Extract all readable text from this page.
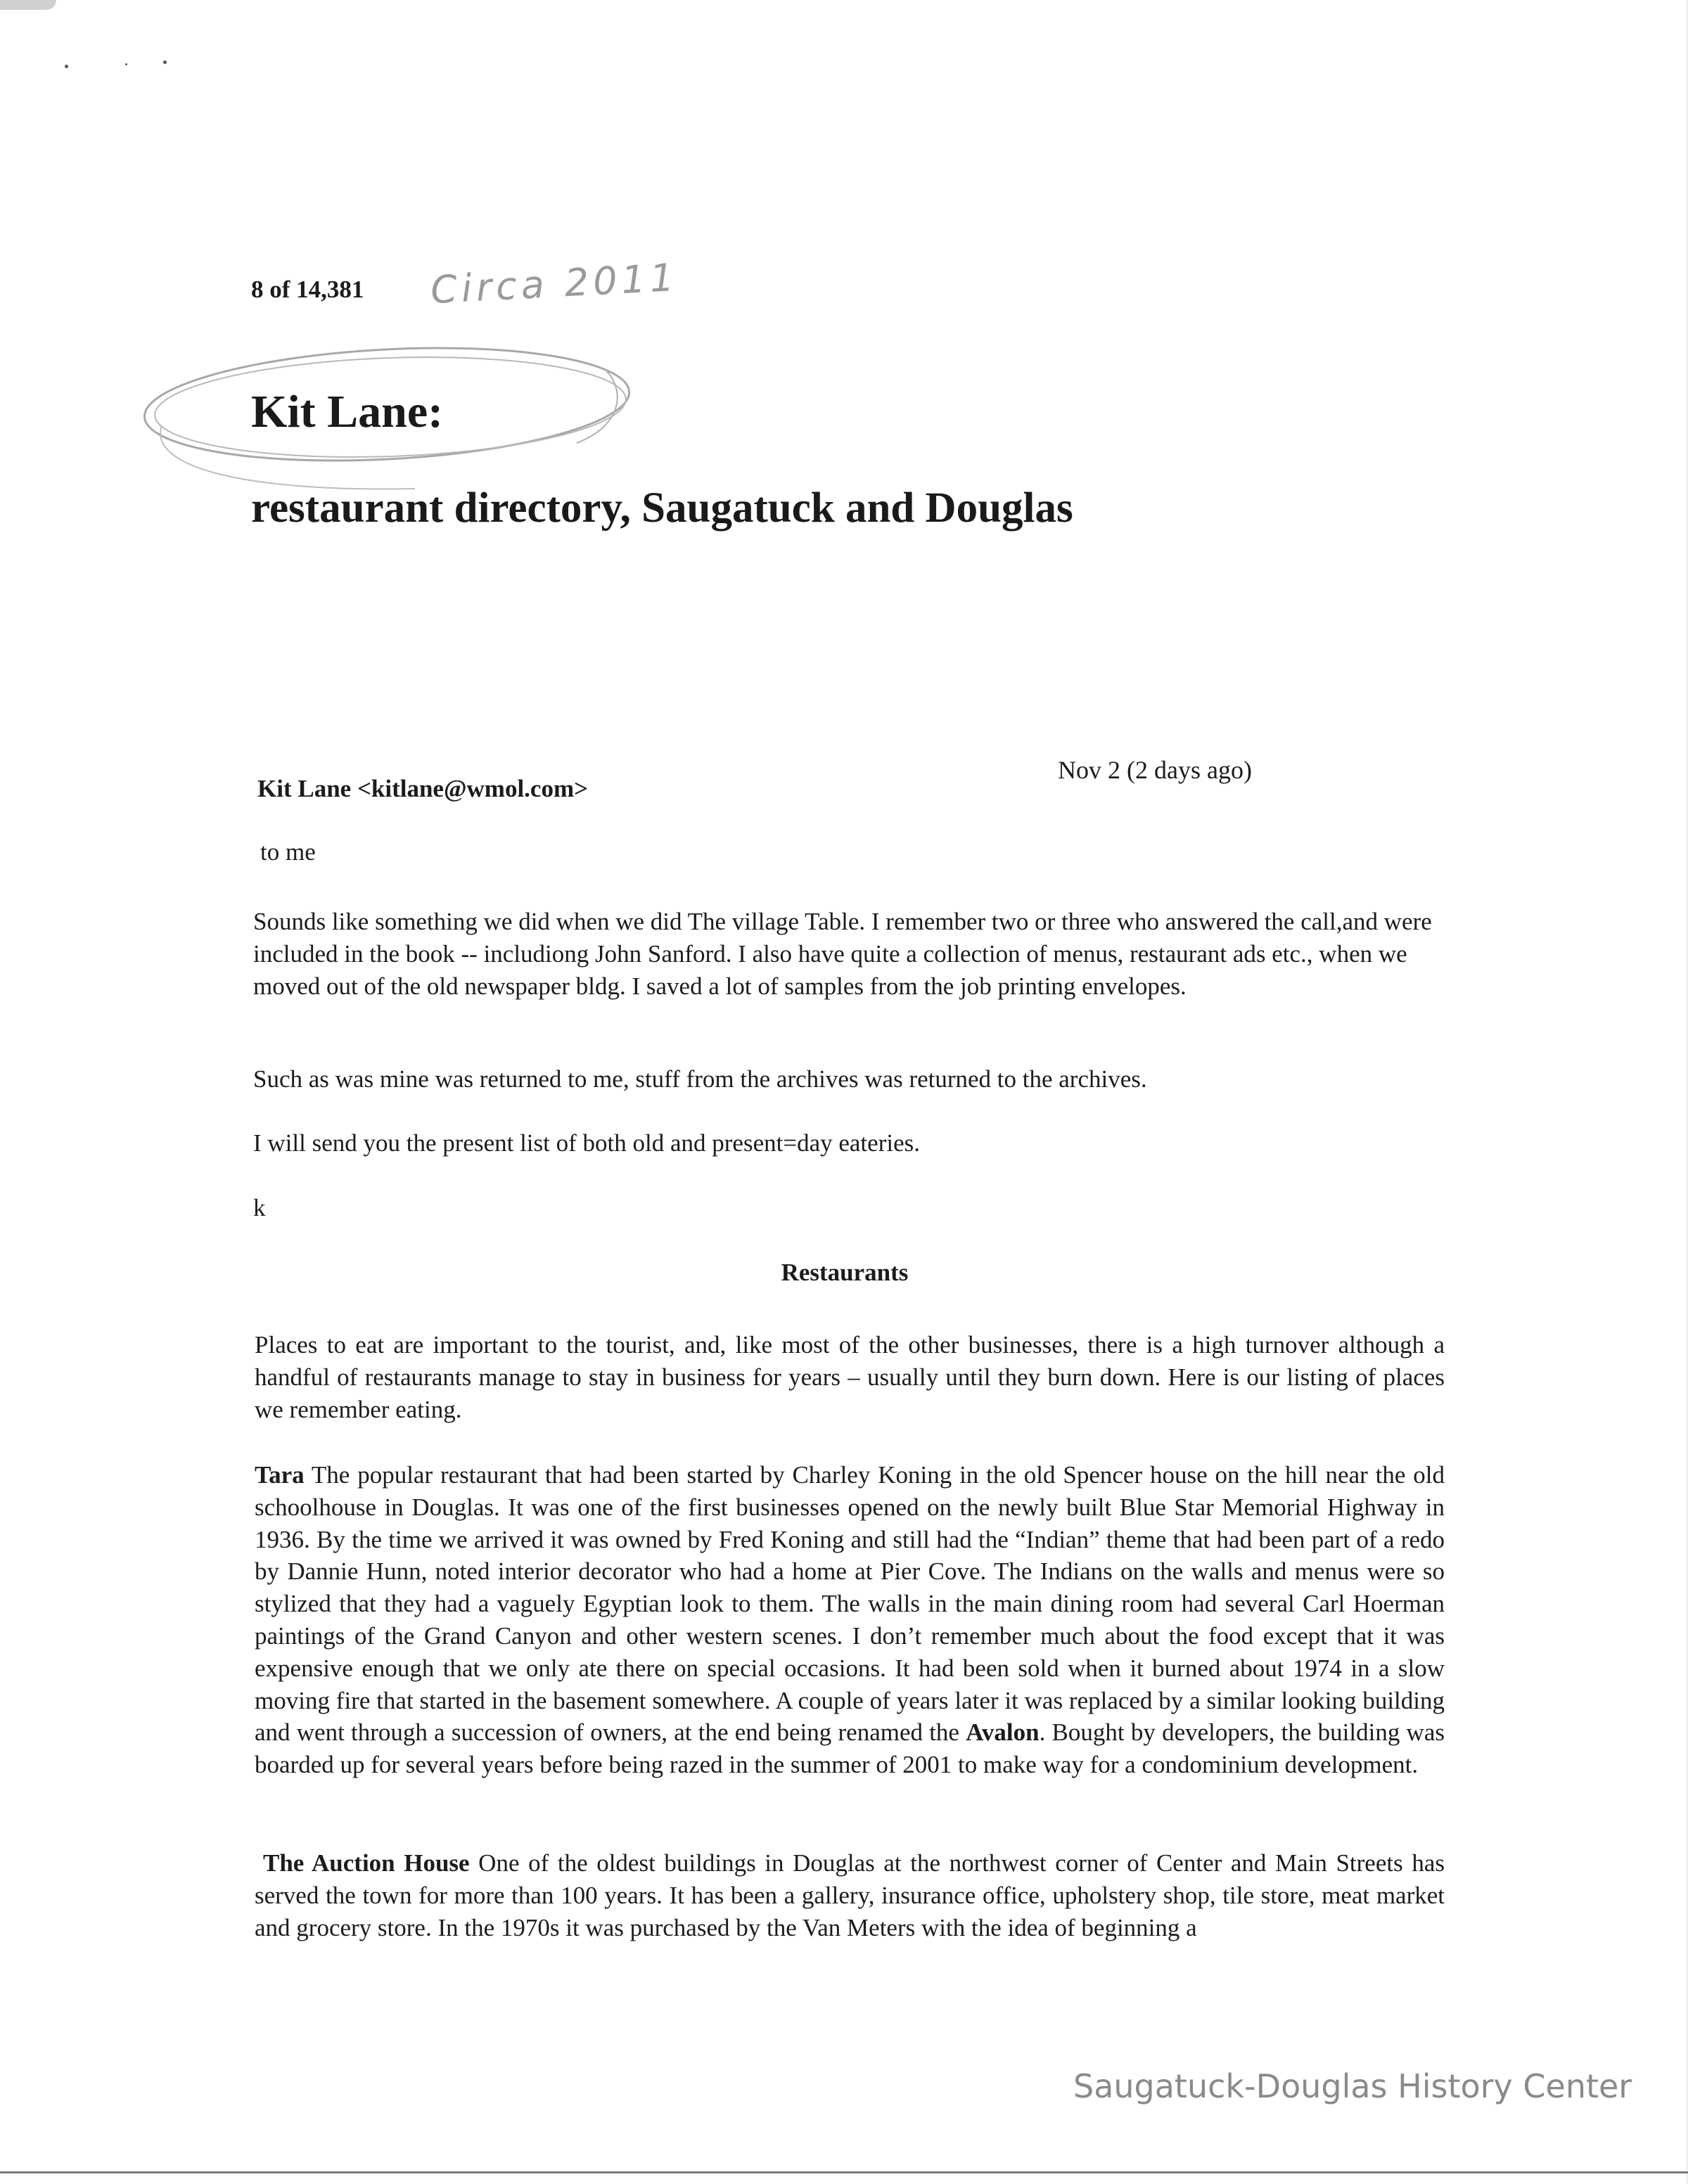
8 of 14,381 Circa 2011
Kit Lane:
restaurant directory, Saugatuck and Douglas
Kit Lane <kitlane@wmol.com>
Nov 2 (2 days ago)
to me
Sounds like something we did when we did The village Table. I remember two or three who answered the call,and were included in the book -- includiong John Sanford. I also have quite a collection of menus, restaurant ads etc., when we moved out of the old newspaper bldg. I saved a lot of samples from the job printing envelopes.
Such as was mine was returned to me, stuff from the archives was returned to the archives.
I will send you the present list of both old and present=day eateries.
k
Restaurants
Places to eat are important to the tourist, and, like most of the other businesses, there is a high turnover although a handful of restaurants manage to stay in business for years – usually until they burn down. Here is our listing of places we remember eating.
Tara The popular restaurant that had been started by Charley Koning in the old Spencer house on the hill near the old schoolhouse in Douglas. It was one of the first businesses opened on the newly built Blue Star Memorial Highway in 1936. By the time we arrived it was owned by Fred Koning and still had the “Indian” theme that had been part of a redo by Dannie Hunn, noted interior decorator who had a home at Pier Cove. The Indians on the walls and menus were so stylized that they had a vaguely Egyptian look to them. The walls in the main dining room had several Carl Hoerman paintings of the Grand Canyon and other western scenes. I don’t remember much about the food except that it was expensive enough that we only ate there on special occasions. It had been sold when it burned about 1974 in a slow moving fire that started in the basement somewhere. A couple of years later it was replaced by a similar looking building and went through a succession of owners, at the end being renamed the Avalon. Bought by developers, the building was boarded up for several years before being razed in the summer of 2001 to make way for a condominium development.
The Auction House One of the oldest buildings in Douglas at the northwest corner of Center and Main Streets has served the town for more than 100 years. It has been a gallery, insurance office, upholstery shop, tile store, meat market and grocery store. In the 1970s it was purchased by the Van Meters with the idea of beginning a
Saugatuck-Douglas History Center
